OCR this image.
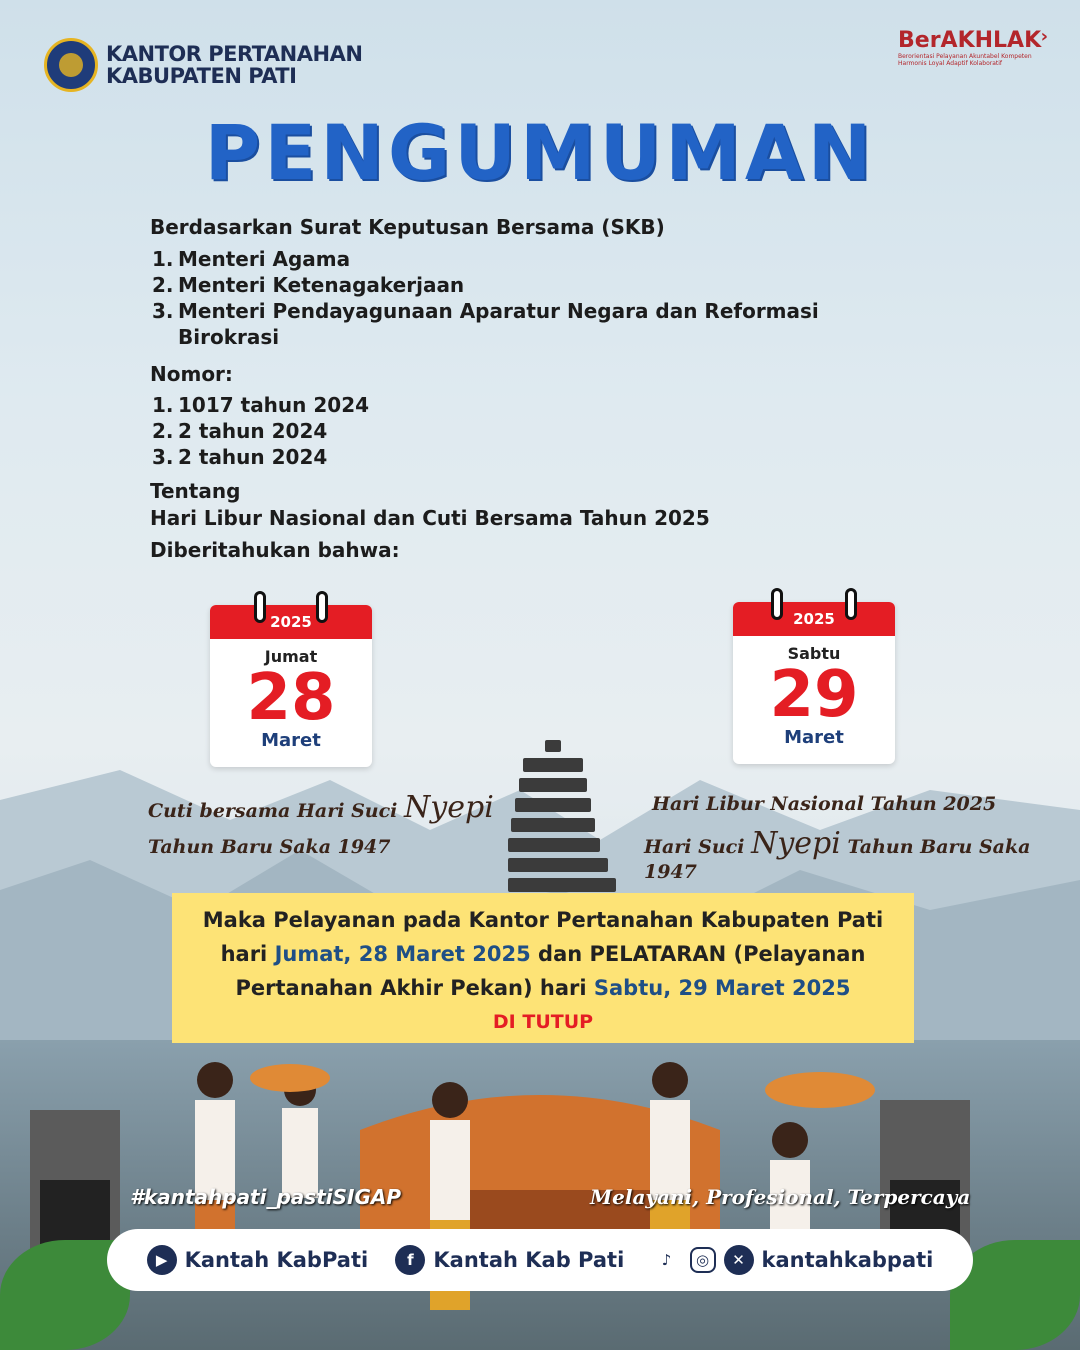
KANTOR PERTANAHAN
KABUPATEN PATI
›
BerAKHLAK
Berorientasi Pelayanan Akuntabel Kompeten
Harmonis Loyal Adaptif Kolaboratif
PENGUMUMAN
Berdasarkan Surat Keputusan Bersama (SKB)
1. Menteri Agama
2. Menteri Ketenagakerjaan
3. Menteri Pendayagunaan Aparatur Negara dan Reformasi Birokrasi
Nomor:
1. 1017 tahun 2024
2. 2 tahun 2024
3. 2 tahun 2024
Tentang
Hari Libur Nasional dan Cuti Bersama Tahun 2025
Diberitahukan bahwa:
2025
Jumat
28
Maret
2025
Sabtu
29
Maret
Cuti bersama Hari Suci Nyepi
Tahun Baru Saka 1947
Hari Libur Nasional Tahun 2025
Hari Suci Nyepi Tahun Baru Saka 1947
Maka Pelayanan pada Kantor Pertanahan Kabupaten Pati
hari Jumat, 28 Maret 2025 dan PELATARAN (Pelayanan
Pertanahan Akhir Pekan) hari Sabtu, 29 Maret 2025
DI TUTUP
#kantahpati_pastiSIGAP	Melayani, Profesional, Terpercaya
▶ Kantah KabPati	f Kantah Kab Pati	♪	◎	✕ kantahkabpati
